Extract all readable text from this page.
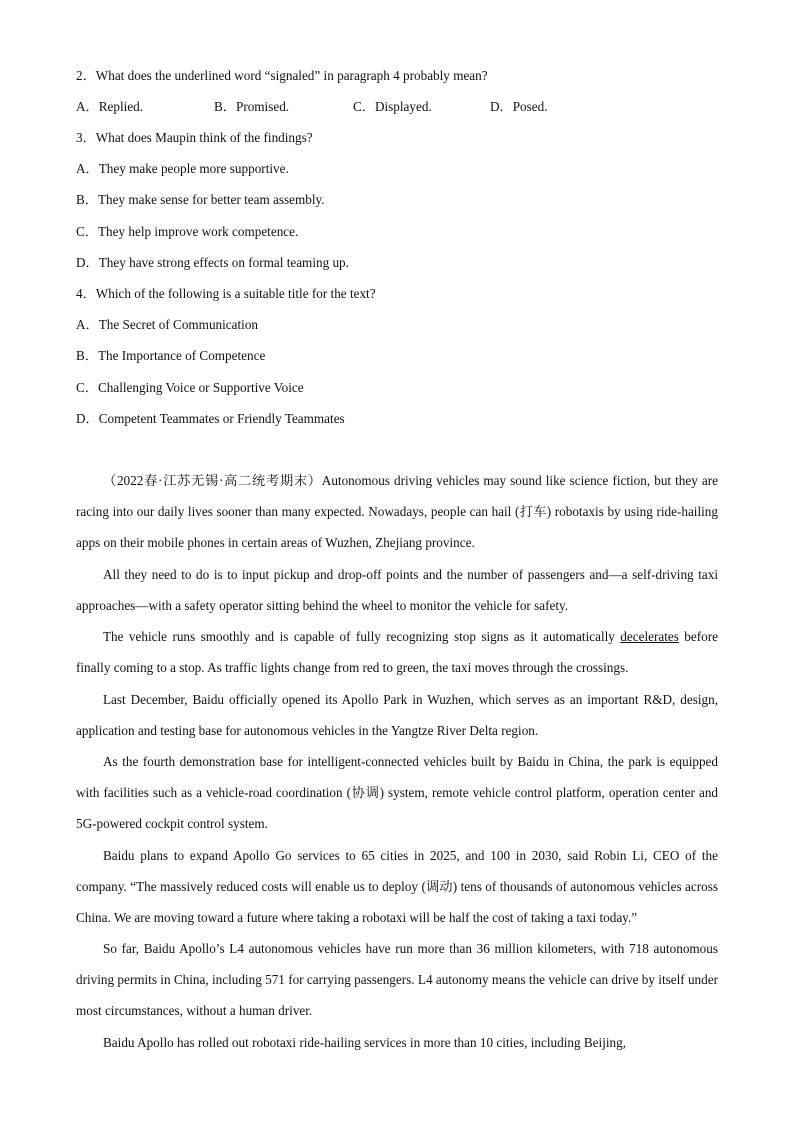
2．What does the underlined word “signaled” in paragraph 4 probably mean?
A．Replied.	B．Promised.	C．Displayed.	D．Posed.
3．What does Maupin think of the findings?
A．They make people more supportive.
B．They make sense for better team assembly.
C．They help improve work competence.
D．They have strong effects on formal teaming up.
4．Which of the following is a suitable title for the text?
A．The Secret of Communication
B．The Importance of Competence
C．Challenging Voice or Supportive Voice
D．Competent Teammates or Friendly Teammates

（2022春·江苏无锡·高二统考期末）Autonomous driving vehicles may sound like science fiction, but they are racing into our daily lives sooner than many expected. Nowadays, people can hail (打车) robotaxis by using ride-hailing apps on their mobile phones in certain areas of Wuzhen, Zhejiang province.

All they need to do is to input pickup and drop-off points and the number of passengers and—a self-driving taxi approaches—with a safety operator sitting behind the wheel to monitor the vehicle for safety.

The vehicle runs smoothly and is capable of fully recognizing stop signs as it automatically decelerates before finally coming to a stop. As traffic lights change from red to green, the taxi moves through the crossings.

Last December, Baidu officially opened its Apollo Park in Wuzhen, which serves as an important R&D, design, application and testing base for autonomous vehicles in the Yangtze River Delta region.

As the fourth demonstration base for intelligent-connected vehicles built by Baidu in China, the park is equipped with facilities such as a vehicle-road coordination (协调) system, remote vehicle control platform, operation center and 5G-powered cockpit control system.

Baidu plans to expand Apollo Go services to 65 cities in 2025, and 100 in 2030, said Robin Li, CEO of the company. “The massively reduced costs will enable us to deploy (调动) tens of thousands of autonomous vehicles across China. We are moving toward a future where taking a robotaxi will be half the cost of taking a taxi today.”

So far, Baidu Apollo’s L4 autonomous vehicles have run more than 36 million kilometers, with 718 autonomous driving permits in China, including 571 for carrying passengers. L4 autonomy means the vehicle can drive by itself under most circumstances, without a human driver.

Baidu Apollo has rolled out robotaxi ride-hailing services in more than 10 cities, including Beijing,
